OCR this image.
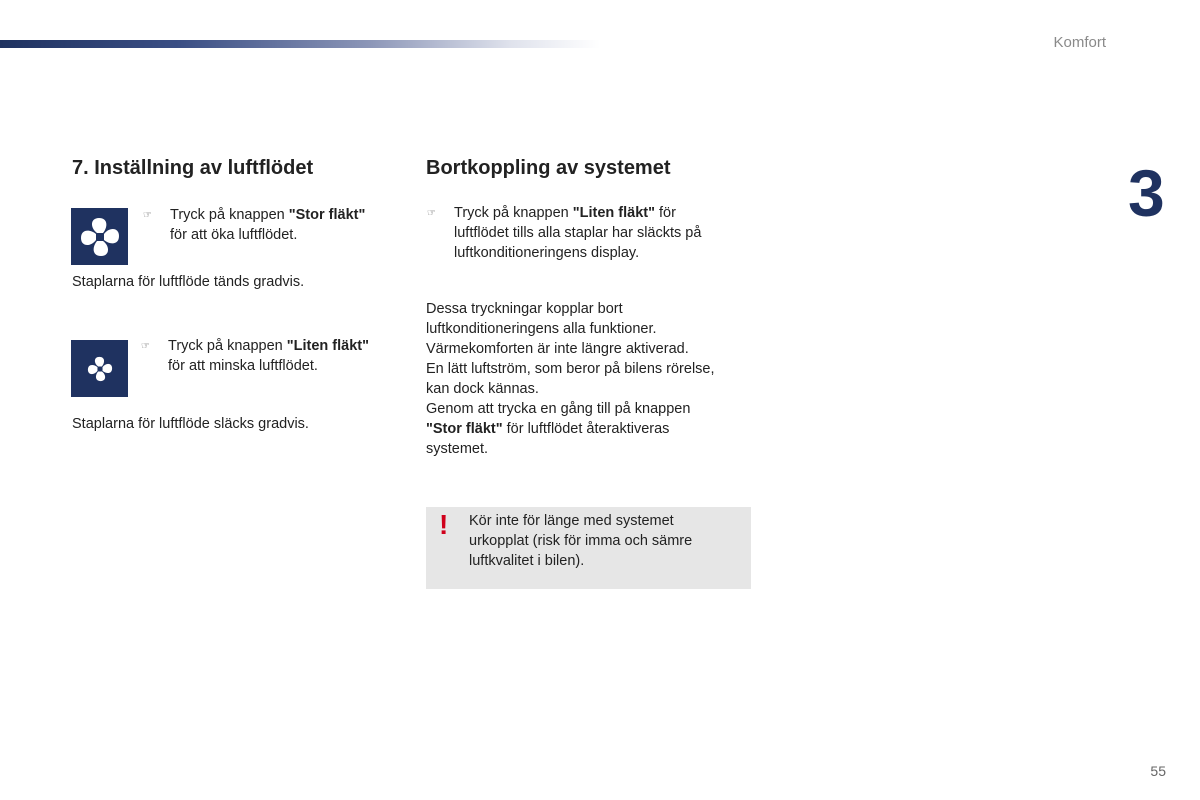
Komfort
3
7. Inställning av luftflödet
☞ Tryck på knappen "Stor fläkt"
för att öka luftflödet.

Staplarna för luftflöde tänds gradvis.

☞ Tryck på knappen "Liten fläkt"
för att minska luftflödet.

Staplarna för luftflöde släcks gradvis.

Bortkoppling av systemet
☞ Tryck på knappen "Liten fläkt" för
luftflödet tills alla staplar har släckts på
luftkonditioneringens display.
Dessa tryckningar kopplar bort
luftkonditioneringens alla funktioner.
Värmekomforten är inte längre aktiverad.
En lätt luftström, som beror på bilens rörelse,
kan dock kännas.
Genom att trycka en gång till på knappen
"Stor fläkt" för luftflödet återaktiveras
systemet.
! Kör inte för länge med systemet
urkopplat (risk för imma och sämre
luftkvalitet i bilen).
55
